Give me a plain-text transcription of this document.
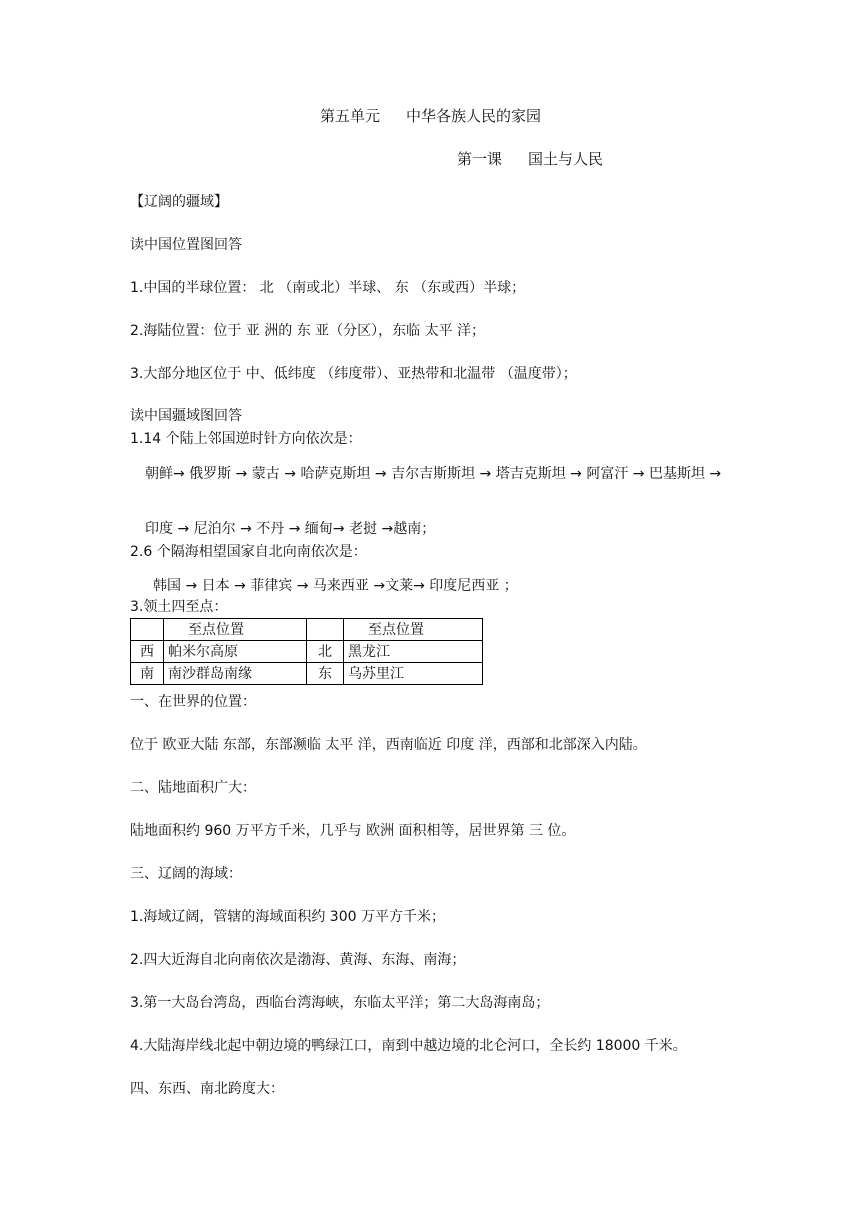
第五单元 中华各族人民的家园
第一课 国土与人民
【辽阔的疆域】
读中国位置图回答
1.中国的半球位置： 北 （南或北）半球、 东 （东或西）半球；
2.海陆位置：位于 亚 洲的 东 亚（分区），东临 太平 洋；
3.大部分地区位于 中、低纬度 （纬度带）、亚热带和北温带 （温度带）；
读中国疆域图回答
1.14 个陆上邻国逆时针方向依次是：
朝鲜→ 俄罗斯 → 蒙古 → 哈萨克斯坦 → 吉尔吉斯斯坦 → 塔吉克斯坦 → 阿富汗 → 巴基斯坦 →
印度 → 尼泊尔 → 不丹 → 缅甸→ 老挝 →越南；
2.6 个隔海相望国家自北向南依次是：
韩国 → 日本 → 菲律宾 → 马来西亚 →文莱→ 印度尼西亚 ；
3.领土四至点：
	至点位置		至点位置
西	帕米尔高原	北	黑龙江
南	南沙群岛南缘	东	乌苏里江
一、在世界的位置：
位于 欧亚大陆 东部，东部濒临 太平 洋，西南临近 印度 洋，西部和北部深入内陆。
二、陆地面积广大：
陆地面积约 960 万平方千米，几乎与 欧洲 面积相等，居世界第 三 位。
三、辽阔的海域：
1.海域辽阔，管辖的海域面积约 300 万平方千米；
2.四大近海自北向南依次是渤海、黄海、东海、南海；
3.第一大岛台湾岛，西临台湾海峡，东临太平洋；第二大岛海南岛；
4.大陆海岸线北起中朝边境的鸭绿江口，南到中越边境的北仑河口，全长约 18000 千米。
四、东西、南北跨度大：
